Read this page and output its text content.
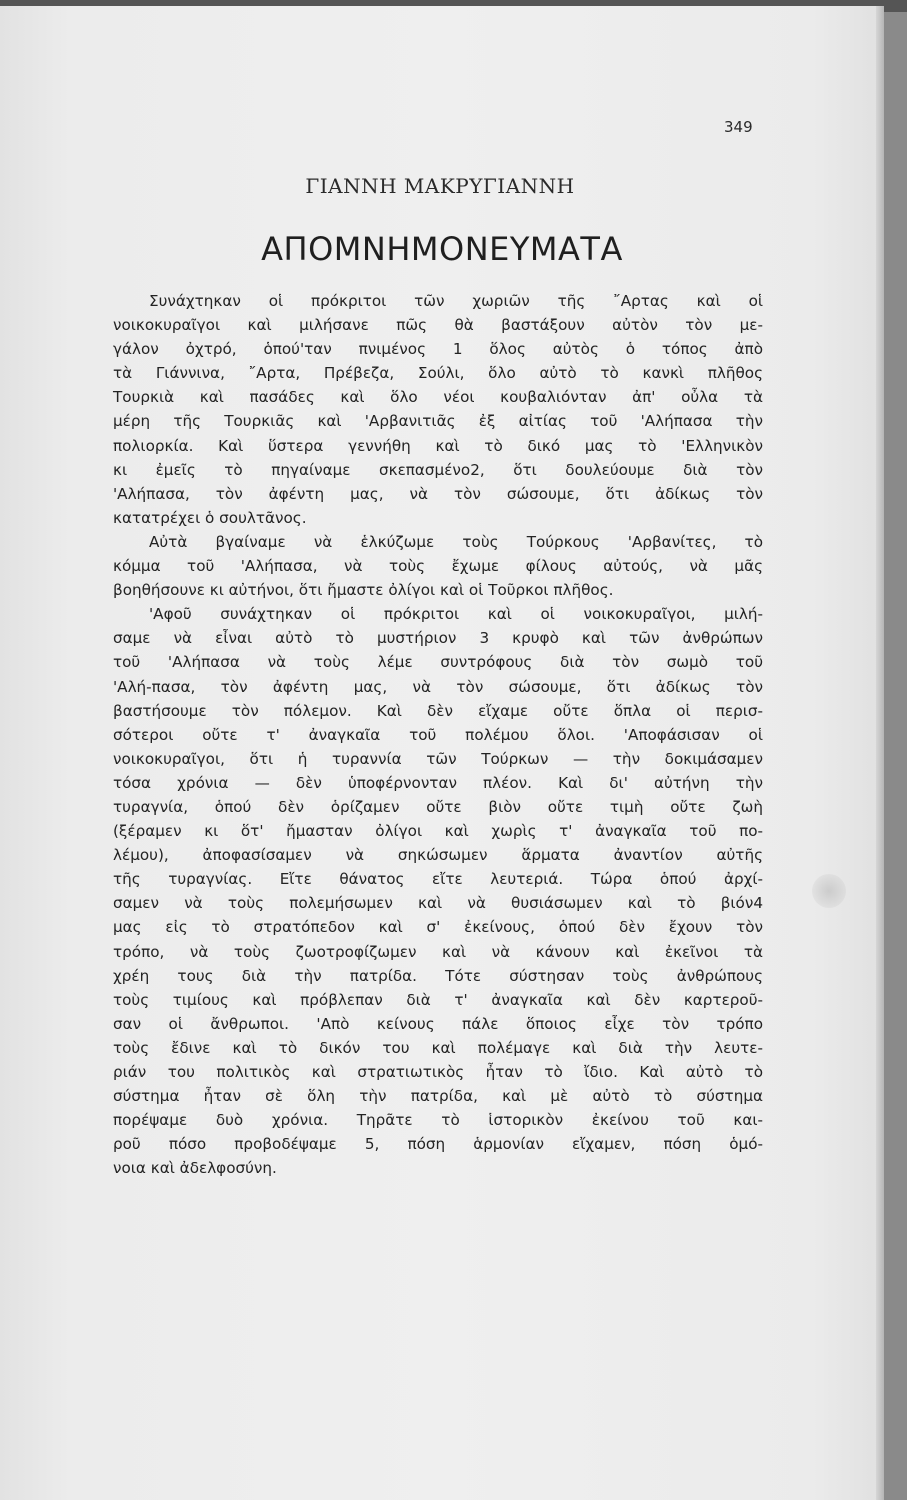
349
ΓΙΑΝΝΗ ΜΑΚΡΥΓΙΑΝΝΗ
ΑΠΟΜΝΗΜΟΝΕΥΜΑΤΑ
Συνάχτηκαν οἱ πρόκριτοι τῶν χωριῶν τῆς ῎Αρτας καὶ οἱ
νοικοκυραῖγοι καὶ μιλήσανε πῶς θὰ βαστάξουν αὐτὸν τὸν με-
γάλον ὀχτρό, ὁπού'ταν πνιμένος 1 ὅλος αὐτὸς ὁ τόπος ἀπὸ
τὰ Γιάννινα, ῎Αρτα, Πρέβεζα, Σούλι, ὅλο αὐτὸ τὸ κανκὶ πλῆθος
Τουρκιὰ καὶ πασάδες καὶ ὅλο νέοι κουβαλιόνταν ἀπ' οὖλα τὰ
μέρη τῆς Τουρκιᾶς καὶ 'Αρβανιτιᾶς ἐξ αἰτίας τοῦ 'Αλήπασα τὴν
πολιορκία. Καὶ ὕστερα γεννήθη καὶ τὸ δικό μας τὸ 'Ελληνικὸν
κι ἐμεῖς τὸ πηγαίναμε σκεπασμένο2, ὅτι δουλεύουμε διὰ τὸν
'Αλήπασα, τὸν ἀφέντη μας, νὰ τὸν σώσουμε, ὅτι ἀδίκως τὸν
κατατρέχει ὁ σουλτᾶνος.
Αὐτὰ βγαίναμε νὰ ἑλκύζωμε τοὺς Τούρκους 'Αρβανίτες, τὸ
κόμμα τοῦ 'Αλήπασα, νὰ τοὺς ἔχωμε φίλους αὐτούς, νὰ μᾶς
βοηθήσουνε κι αὐτήνοι, ὅτι ἤμαστε ὀλίγοι καὶ οἱ Τοῦρκοι πλῆθος.
'Αφοῦ συνάχτηκαν οἱ πρόκριτοι καὶ οἱ νοικοκυραῖγοι, μιλή-
σαμε νὰ εἶναι αὐτὸ τὸ μυστήριον 3 κρυφὸ καὶ τῶν ἀνθρώπων
τοῦ 'Αλήπασα νὰ τοὺς λέμε συντρόφους διὰ τὸν σωμὸ τοῦ
'Αλή-πασα, τὸν ἀφέντη μας, νὰ τὸν σώσουμε, ὅτι ἀδίκως τὸν
βαστήσουμε τὸν πόλεμον. Καὶ δὲν εἴχαμε οὔτε ὅπλα οἱ περισ-
σότεροι οὔτε τ' ἀναγκαῖα τοῦ πολέμου ὅλοι. 'Αποφάσισαν οἱ
νοικοκυραῖγοι, ὅτι ἡ τυραννία τῶν Τούρκων — τὴν δοκιμάσαμεν
τόσα χρόνια — δὲν ὑποφέρνονταν πλέον. Καὶ δι' αὐτήνη τὴν
τυραγνία, ὁπού δὲν ὁρίζαμεν οὔτε βιὸν οὔτε τιμὴ οὔτε ζωὴ
(ξέραμεν κι ὅτ' ἤμασταν ὀλίγοι καὶ χωρὶς τ' ἀναγκαῖα τοῦ πο-
λέμου), ἀποφασίσαμεν νὰ σηκώσωμεν ἅρματα ἀναντίον αὐτῆς
τῆς τυραγνίας. Εἴτε θάνατος εἴτε λευτεριά. Τώρα ὁπού ἀρχί-
σαμεν νὰ τοὺς πολεμήσωμεν καὶ νὰ θυσιάσωμεν καὶ τὸ βιόν4
μας εἰς τὸ στρατόπεδον καὶ σ' ἐκείνους, ὁπού δὲν ἔχουν τὸν
τρόπο, νὰ τοὺς ζωοτροφίζωμεν καὶ νὰ κάνουν καὶ ἐκεῖνοι τὰ
χρέη τους διὰ τὴν πατρίδα. Τότε σύστησαν τοὺς ἀνθρώπους
τοὺς τιμίους καὶ πρόβλεπαν διὰ τ' ἀναγκαῖα καὶ δὲν καρτεροῦ-
σαν οἱ ἄνθρωποι. 'Απὸ κείνους πάλε ὅποιος εἶχε τὸν τρόπο
τοὺς ἔδινε καὶ τὸ δικόν του καὶ πολέμαγε καὶ διὰ τὴν λευτε-
ριάν του πολιτικὸς καὶ στρατιωτικὸς ἦταν τὸ ἴδιο. Καὶ αὐτὸ τὸ
σύστημα ἦταν σὲ ὅλη τὴν πατρίδα, καὶ μὲ αὐτὸ τὸ σύστημα
πορέψαμε δυὸ χρόνια. Τηρᾶτε τὸ ἱστορικὸν ἐκείνου τοῦ και-
ροῦ πόσο προβοδέψαμε 5, πόση ἁρμονίαν εἴχαμεν, πόση ὁμό-
νοια καὶ ἀδελφοσύνη.
